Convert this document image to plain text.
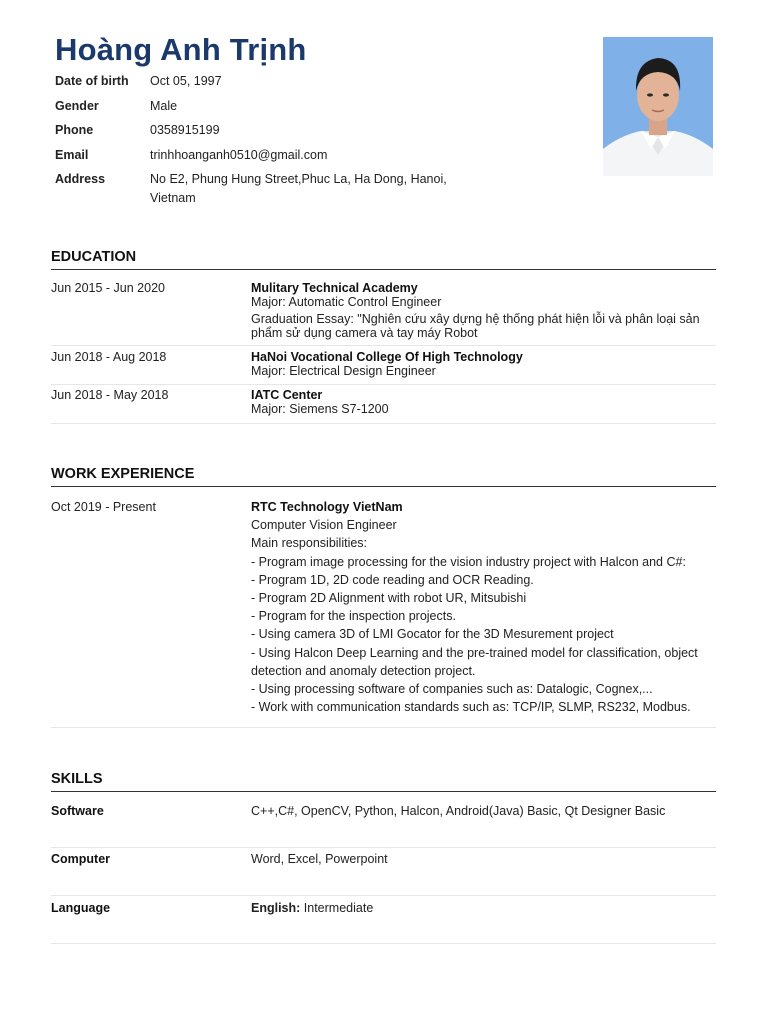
Hoàng Anh Trịnh
Date of birth Oct 05, 1997
Gender	Male
Phone	0358915199
Email	trinhhoanganh0510@gmail.com
Address	No E2, Phung Hung Street,Phuc La, Ha Dong, Hanoi, Vietnam
EDUCATION
Jun 2015 - Jun 2020	Mulitary Technical Academy
Major: Automatic Control Engineer
Graduation Essay: "Nghiên cứu xây dựng hệ thống phát hiện lỗi và phân loại sản phẩm sử dụng camera và tay máy Robot
Jun 2018 - Aug 2018	HaNoi Vocational College Of High Technology
Major: Electrical Design Engineer
Jun 2018 - May 2018	IATC Center
Major: Siemens S7-1200
WORK EXPERIENCE
Oct 2019 - Present	RTC Technology VietNam
Computer Vision Engineer
Main responsibilities:
- Program image processing for the vision industry project with Halcon and C#:
- Program 1D, 2D code reading and OCR Reading.
- Program 2D Alignment with robot UR, Mitsubishi
- Program for the inspection projects.
- Using camera 3D of LMI Gocator for the 3D Mesurement project
- Using Halcon Deep Learning and the pre-trained model for classification, object detection and anomaly detection project.
- Using processing software of companies such as: Datalogic, Cognex,...
- Work with communication standards such as: TCP/IP, SLMP, RS232, Modbus.
SKILLS
Software	C++,C#, OpenCV, Python, Halcon, Android(Java) Basic, Qt Designer Basic
Computer	Word, Excel, Powerpoint
Language	English: Intermediate
